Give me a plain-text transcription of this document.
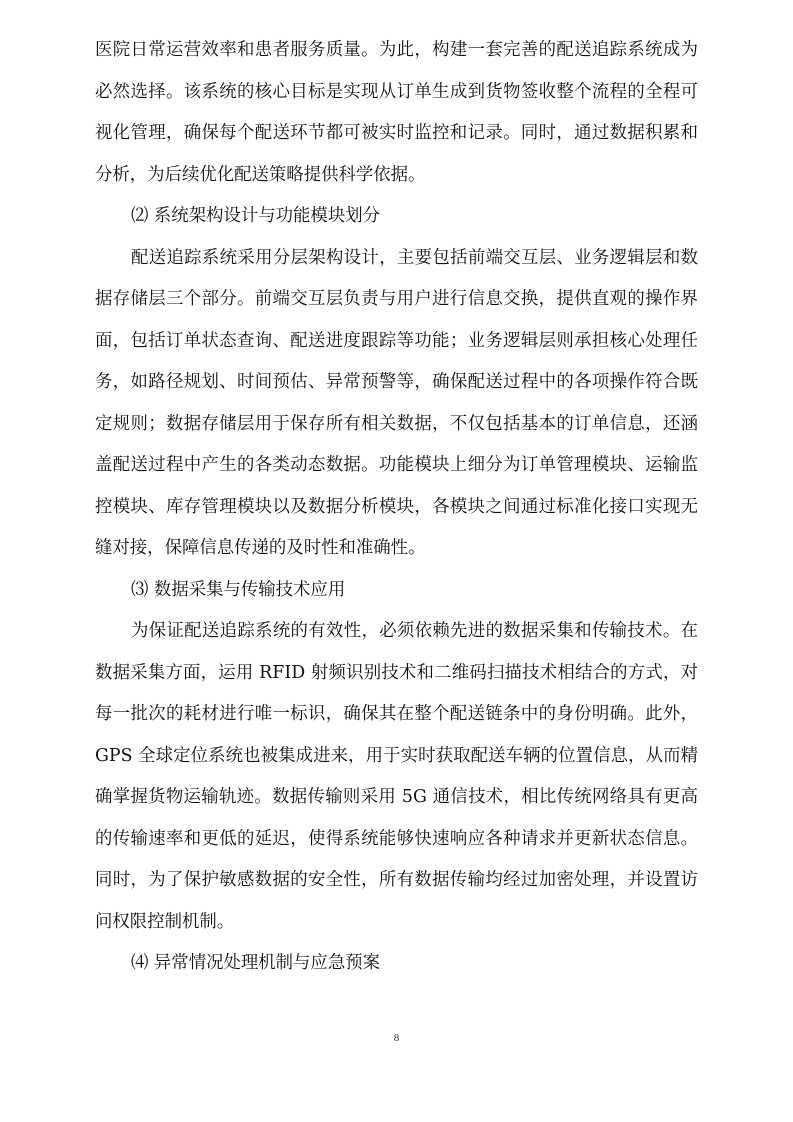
医院日常运营效率和患者服务质量。为此，构建一套完善的配送追踪系统成为必然选择。该系统的核心目标是实现从订单生成到货物签收整个流程的全程可视化管理，确保每个配送环节都可被实时监控和记录。同时，通过数据积累和分析，为后续优化配送策略提供科学依据。

⑵ 系统架构设计与功能模块划分

配送追踪系统采用分层架构设计，主要包括前端交互层、业务逻辑层和数据存储层三个部分。前端交互层负责与用户进行信息交换，提供直观的操作界面，包括订单状态查询、配送进度跟踪等功能；业务逻辑层则承担核心处理任务，如路径规划、时间预估、异常预警等，确保配送过程中的各项操作符合既定规则；数据存储层用于保存所有相关数据，不仅包括基本的订单信息，还涵盖配送过程中产生的各类动态数据。功能模块上细分为订单管理模块、运输监控模块、库存管理模块以及数据分析模块，各模块之间通过标准化接口实现无缝对接，保障信息传递的及时性和准确性。

⑶ 数据采集与传输技术应用

为保证配送追踪系统的有效性，必须依赖先进的数据采集和传输技术。在数据采集方面，运用 RFID 射频识别技术和二维码扫描技术相结合的方式，对每一批次的耗材进行唯一标识，确保其在整个配送链条中的身份明确。此外，GPS 全球定位系统也被集成进来，用于实时获取配送车辆的位置信息，从而精确掌握货物运输轨迹。数据传输则采用 5G 通信技术，相比传统网络具有更高的传输速率和更低的延迟，使得系统能够快速响应各种请求并更新状态信息。同时，为了保护敏感数据的安全性，所有数据传输均经过加密处理，并设置访问权限控制机制。

⑷ 异常情况处理机制与应急预案

8
